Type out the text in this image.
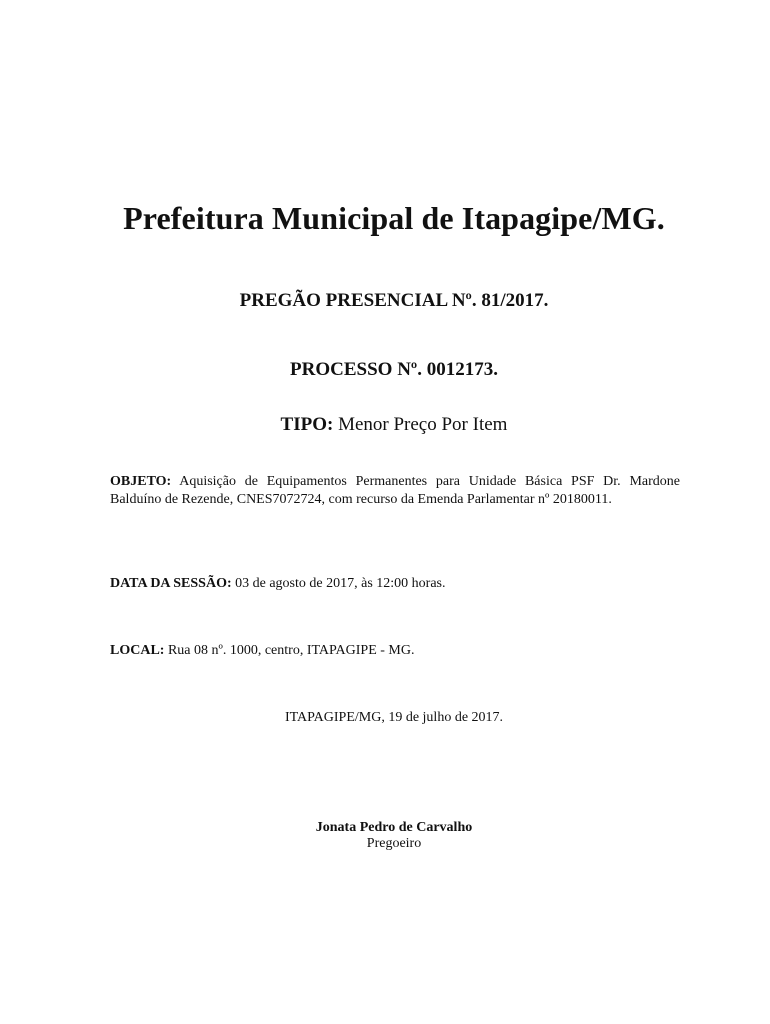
Prefeitura Municipal de Itapagipe/MG.
PREGÃO PRESENCIAL Nº. 81/2017.
PROCESSO Nº. 0012173.
TIPO: Menor Preço Por Item
OBJETO: Aquisição de Equipamentos Permanentes para Unidade Básica PSF Dr. Mardone Balduíno de Rezende, CNES7072724, com recurso da Emenda Parlamentar nº 20180011.
DATA DA SESSÃO: 03 de agosto de 2017, às 12:00 horas.
LOCAL: Rua 08 nº. 1000, centro, ITAPAGIPE - MG.
ITAPAGIPE/MG, 19 de julho de 2017.
Jonata Pedro de Carvalho
Pregoeiro
